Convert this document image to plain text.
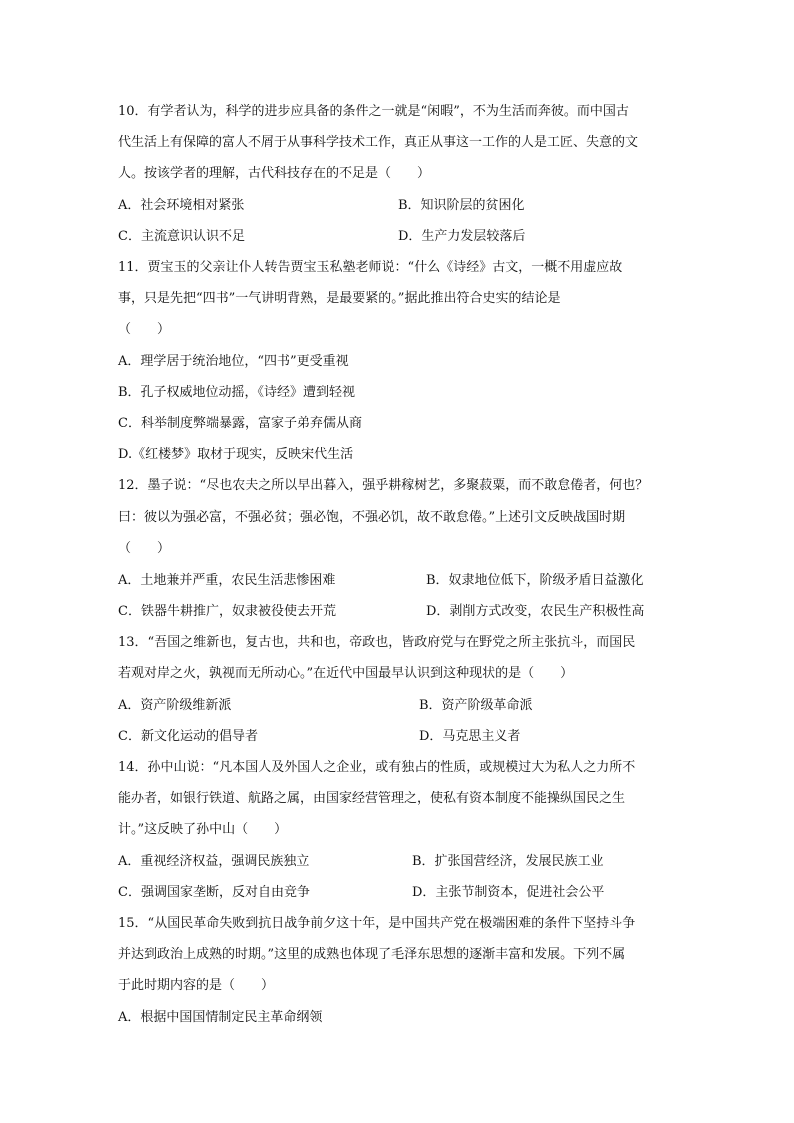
10．有学者认为，科学的进步应具备的条件之一就是“闲暇”，不为生活而奔彼。而中国古
代生活上有保障的富人不屑于从事科学技术工作，真正从事这一工作的人是工匠、失意的文
人。按该学者的理解，古代科技存在的不足是（　　）
A．社会环境相对紧张	B．知识阶层的贫困化
C．主流意识认识不足	D．生产力发层较落后
11．贾宝玉的父亲让仆人转告贾宝玉私塾老师说：“什么《诗经》古文，一概不用虚应故
事，只是先把“四书”一气讲明背熟，是最要紧的。”据此推出符合史实的结论是
（　　）
A．理学居于统治地位，“四书”更受重视
B．孔子权威地位动摇，《诗经》遭到轻视
C．科举制度弊端暴露，富家子弟弃儒从商
D.《红楼梦》取材于现实，反映宋代生活
12．墨子说：“尽也农夫之所以早出暮入，强乎耕稼树艺，多聚菽粟，而不敢怠倦者，何也？
曰：彼以为强必富，不强必贫；强必饱，不强必饥，故不敢怠倦。”上述引文反映战国时期
（　　）
A．土地兼并严重，农民生活悲惨困难	B．奴隶地位低下，阶级矛盾日益激化
C．铁器牛耕推广，奴隶被役使去开荒	D．剥削方式改变，农民生产积极性高
13．“吾国之维新也，复古也，共和也，帝政也，皆政府党与在野党之所主张抗斗，而国民
若观对岸之火，孰视而无所动心。”在近代中国最早认识到这种现状的是（　　）
A．资产阶级维新派	B．资产阶级革命派
C．新文化运动的倡导者	D．马克思主义者
14．孙中山说：“凡本国人及外国人之企业，或有独占的性质，或规模过大为私人之力所不
能办者，如银行铁道、航路之属，由国家经营管理之，使私有资本制度不能操纵国民之生
计。”这反映了孙中山（　　）
A．重视经济权益，强调民族独立	B．扩张国营经济，发展民族工业
C．强调国家垄断，反对自由竞争	D．主张节制资本，促进社会公平
15．“从国民革命失败到抗日战争前夕这十年，是中国共产党在极端困难的条件下坚持斗争
并达到政治上成熟的时期。”这里的成熟也体现了毛泽东思想的逐渐丰富和发展。下列不属
于此时期内容的是（　　）
A．根据中国国情制定民主革命纲领
